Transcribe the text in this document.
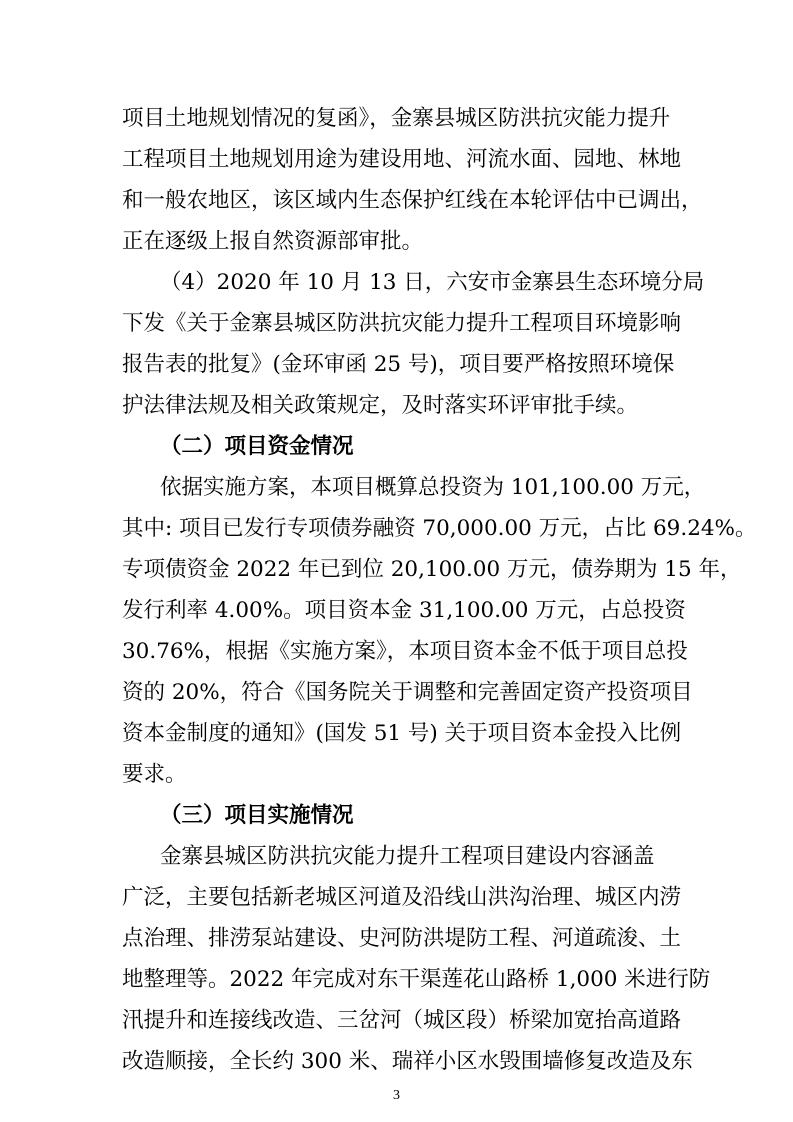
项目土地规划情况的复函》，金寨县城区防洪抗灾能力提升
工程项目土地规划用途为建设用地、河流水面、园地、林地
和一般农地区，该区域内生态保护红线在本轮评估中已调出，
正在逐级上报自然资源部审批。
（4）2020 年 10 月 13 日，六安市金寨县生态环境分局
下发《关于金寨县城区防洪抗灾能力提升工程项目环境影响
报告表的批复》(金环审函 25 号)，项目要严格按照环境保
护法律法规及相关政策规定，及时落实环评审批手续。
（二）项目资金情况
依据实施方案，本项目概算总投资为 101,100.00 万元，
其中: 项目已发行专项债券融资 70,000.00 万元，占比 69.24%。
专项债资金 2022 年已到位 20,100.00 万元，债券期为 15 年，
发行利率 4.00%。项目资本金 31,100.00 万元，占总投资
30.76%，根据《实施方案》，本项目资本金不低于项目总投
资的 20%，符合《国务院关于调整和完善固定资产投资项目
资本金制度的通知》(国发 51 号) 关于项目资本金投入比例
要求。
（三）项目实施情况
金寨县城区防洪抗灾能力提升工程项目建设内容涵盖
广泛，主要包括新老城区河道及沿线山洪沟治理、城区内涝
点治理、排涝泵站建设、史河防洪堤防工程、河道疏浚、土
地整理等。2022 年完成对东干渠莲花山路桥 1,000 米进行防
汛提升和连接线改造、三岔河（城区段）桥梁加宽抬高道路
改造顺接，全长约 300 米、瑞祥小区水毁围墙修复改造及东
3
